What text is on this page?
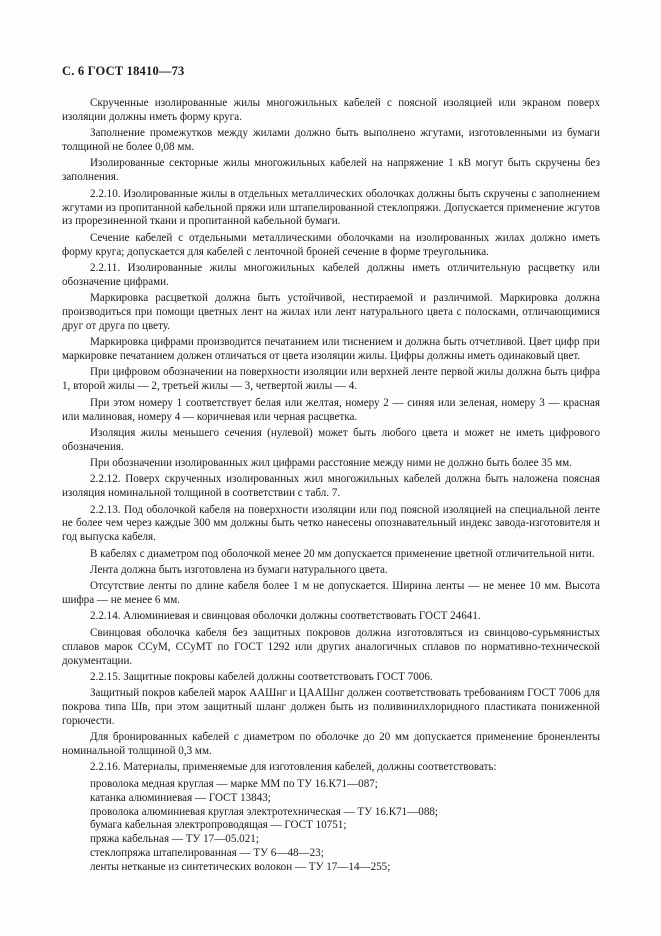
С. 6 ГОСТ 18410—73

Скрученные изолированные жилы многожильных кабелей с поясной изоляцией или экраном поверх изоляции должны иметь форму круга.

Заполнение промежутков между жилами должно быть выполнено жгутами, изготовленными из бумаги толщиной не более 0,08 мм.

Изолированные секторные жилы многожильных кабелей на напряжение 1 кВ могут быть скручены без заполнения.

2.2.10. Изолированные жилы в отдельных металлических оболочках должны быть скручены с заполнением жгутами из пропитанной кабельной пряжи или штапелированной стеклопряжи. Допускается применение жгутов из прорезиненной ткани и пропитанной кабельной бумаги.

Сечение кабелей с отдельными металлическими оболочками на изолированных жилах должно иметь форму круга; допускается для кабелей с ленточной броней сечение в форме треугольника.

2.2.11. Изолированные жилы многожильных кабелей должны иметь отличительную расцветку или обозначение цифрами.

Маркировка расцветкой должна быть устойчивой, нестираемой и различимой. Маркировка должна производиться при помощи цветных лент на жилах или лент натурального цвета с полосками, отличающимися друг от друга по цвету.

Маркировка цифрами производится печатанием или тиснением и должна быть отчетливой. Цвет цифр при маркировке печатанием должен отличаться от цвета изоляции жилы. Цифры должны иметь одинаковый цвет.

При цифровом обозначении на поверхности изоляции или верхней ленте первой жилы должна быть цифра 1, второй жилы — 2, третьей жилы — 3, четвертой жилы — 4.

При этом номеру 1 соответствует белая или желтая, номеру 2 — синяя или зеленая, номеру 3 — красная или малиновая, номеру 4 — коричневая или черная расцветка.

Изоляция жилы меньшего сечения (нулевой) может быть любого цвета и может не иметь цифрового обозначения.

При обозначении изолированных жил цифрами расстояние между ними не должно быть более 35 мм.

2.2.12. Поверх скрученных изолированных жил многожильных кабелей должна быть наложена поясная изоляция номинальной толщиной в соответствии с табл. 7.

2.2.13. Под оболочкой кабеля на поверхности изоляции или под поясной изоляцией на специальной ленте не более чем через каждые 300 мм должны быть четко нанесены опознавательный индекс завода-изготовителя и год выпуска кабеля.

В кабелях с диаметром под оболочкой менее 20 мм допускается применение цветной отличительной нити.

Лента должна быть изготовлена из бумаги натурального цвета.

Отсутствие ленты по длине кабеля более 1 м не допускается. Ширина ленты — не менее 10 мм. Высота шифра — не менее 6 мм.

2.2.14. Алюминиевая и свинцовая оболочки должны соответствовать ГОСТ 24641.

Свинцовая оболочка кабеля без защитных покровов должна изготовляться из свинцово-сурьмянистых сплавов марок ССуМ, ССуМТ по ГОСТ 1292 или других аналогичных сплавов по нормативно-технической документации.

2.2.15. Защитные покровы кабелей должны соответствовать ГОСТ 7006.

Защитный покров кабелей марок ААШнг и ЦААШнг должен соответствовать требованиям ГОСТ 7006 для покрова типа Шв, при этом защитный шланг должен быть из поливинилхлоридного пластиката пониженной горючести.

Для бронированных кабелей с диаметром по оболочке до 20 мм допускается применение броненленты номинальной толщиной 0,3 мм.

2.2.16. Материалы, применяемые для изготовления кабелей, должны соответствовать:

проволока медная круглая — марке ММ по ТУ 16.К71—087;

катанка алюминиевая — ГОСТ 13843;

проволока алюминиевая круглая электротехническая — ТУ 16.К71—088;

бумага кабельная электропроводящая — ГОСТ 10751;

пряжа кабельная — ТУ 17—05.021;

стеклопряжа штапелированная — ТУ 6—48—23;

ленты нетканые из синтетических волокон — ТУ 17—14—255;
